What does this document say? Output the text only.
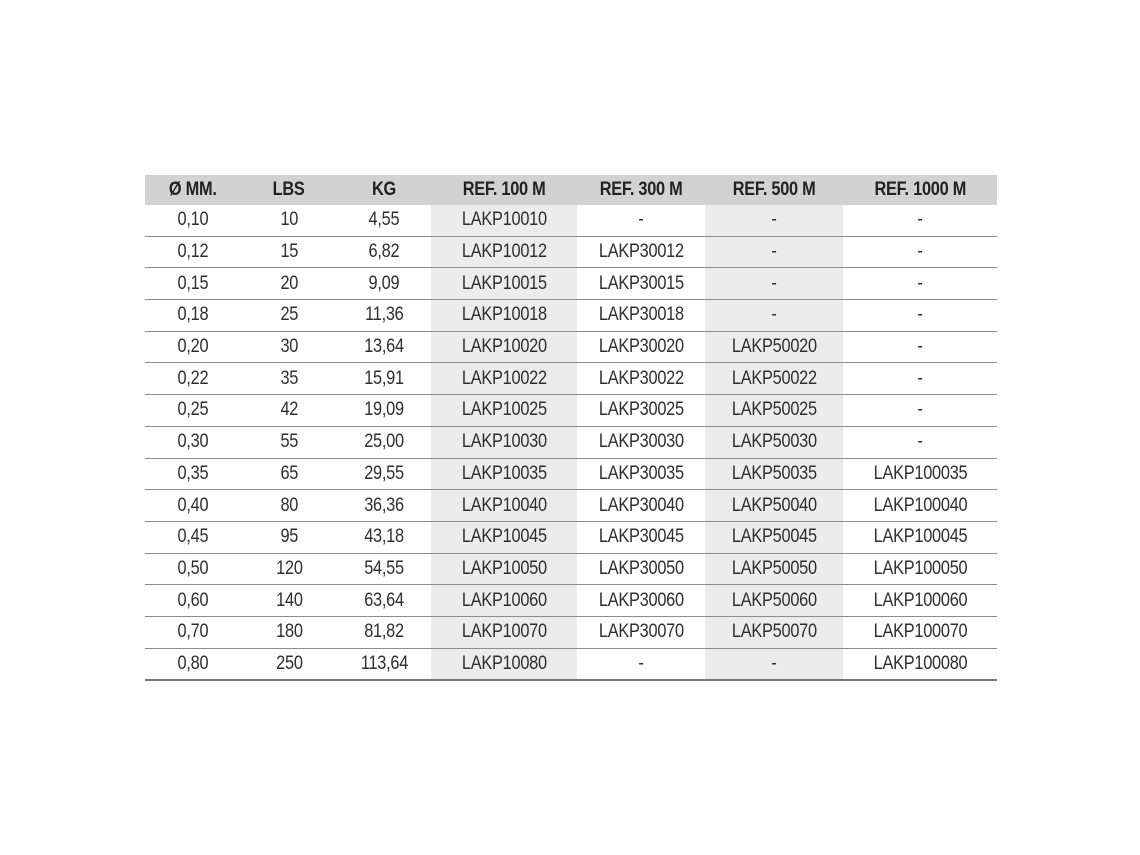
Ø MM.	LBS	KG	REF. 100 M	REF. 300 M	REF. 500 M	REF. 1000 M
0,10	10	4,55	LAKP10010	-	-	-
0,12	15	6,82	LAKP10012	LAKP30012	-	-
0,15	20	9,09	LAKP10015	LAKP30015	-	-
0,18	25	11,36	LAKP10018	LAKP30018	-	-
0,20	30	13,64	LAKP10020	LAKP30020	LAKP50020	-
0,22	35	15,91	LAKP10022	LAKP30022	LAKP50022	-
0,25	42	19,09	LAKP10025	LAKP30025	LAKP50025	-
0,30	55	25,00	LAKP10030	LAKP30030	LAKP50030	-
0,35	65	29,55	LAKP10035	LAKP30035	LAKP50035	LAKP100035
0,40	80	36,36	LAKP10040	LAKP30040	LAKP50040	LAKP100040
0,45	95	43,18	LAKP10045	LAKP30045	LAKP50045	LAKP100045
0,50	120	54,55	LAKP10050	LAKP30050	LAKP50050	LAKP100050
0,60	140	63,64	LAKP10060	LAKP30060	LAKP50060	LAKP100060
0,70	180	81,82	LAKP10070	LAKP30070	LAKP50070	LAKP100070
0,80	250	113,64	LAKP10080	-	-	LAKP100080
